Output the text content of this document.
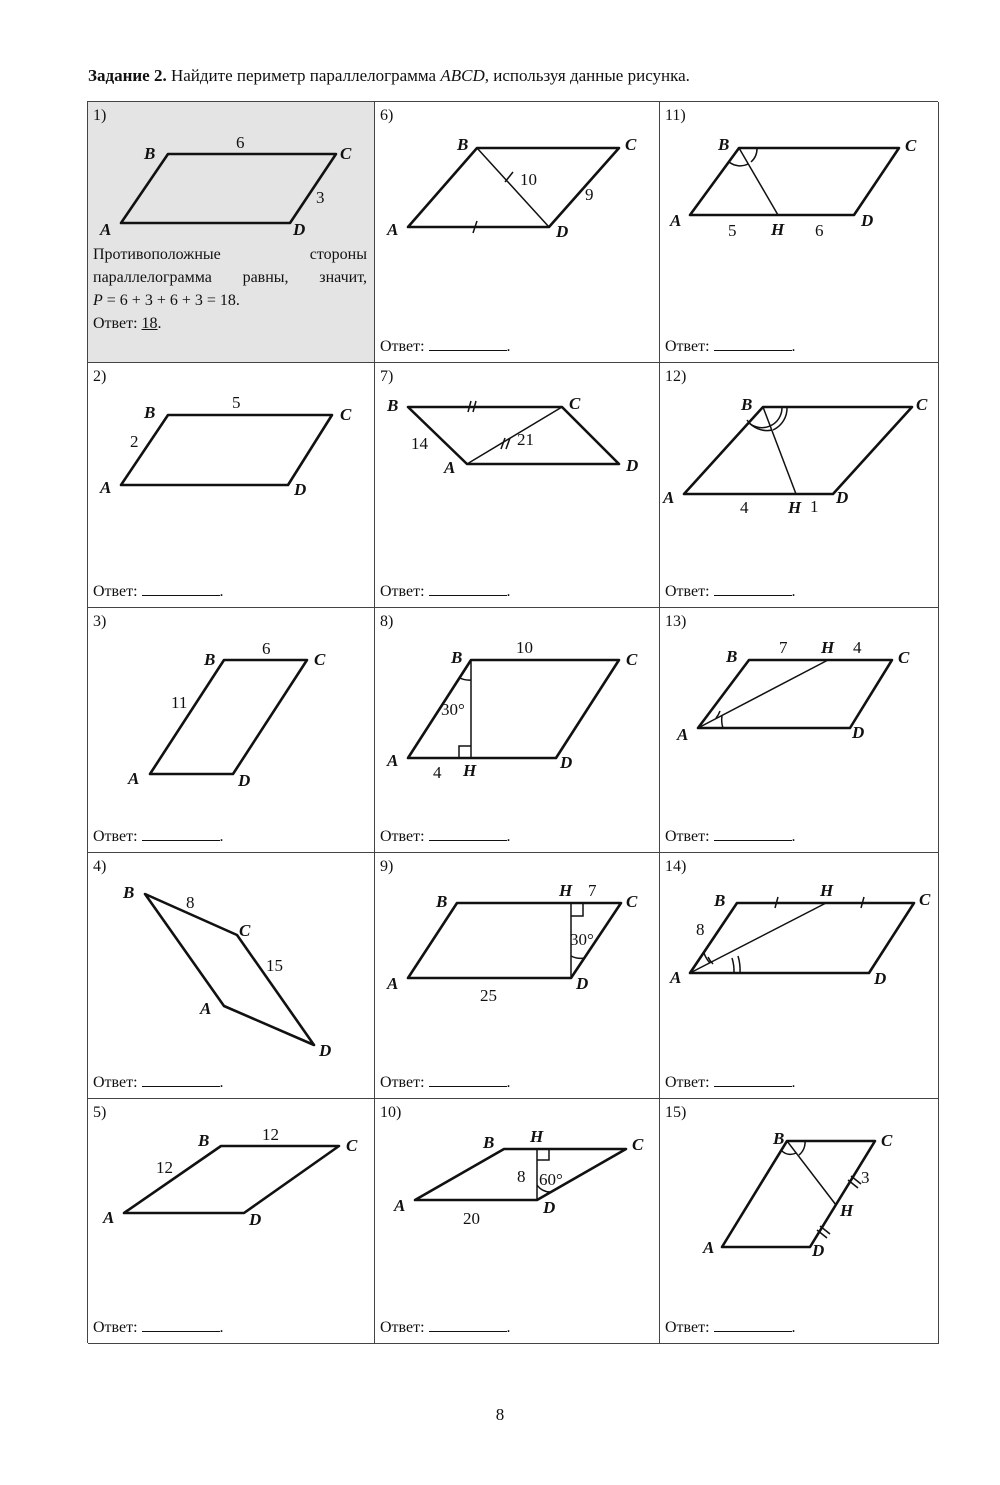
Задание 2. Найдите периметр параллелограмма ABCD, используя данные рисунка.
1)
B	C
A	D
6
3
Противоположные стороны параллелограмма равны, значит,
P = 6 + 3 + 6 + 3 = 18.
Ответ: 18.
6)
B	C
A	D
10
9
Ответ:	.
11)
B	C
A	D
H
5	6
Ответ:	.
2)
B	C
A	D
5
2
Ответ:	.
7)
B	C
A	D
14	21
Ответ:	.
12)
B	C
A	D
H
4	1
Ответ:	.
3)
B	C
A	D
6
11
Ответ:	.
8)
B	C
A	D
H
10
30°
4
Ответ:	.
13)
B	C
A	D
H
7	4
Ответ:	.
4)
B
C
A
D
8
15
Ответ:	.
9)
B	C
A	D
H 7
30°
25
Ответ:	.
14)
B	C
A	D
H
8
Ответ:	.
5)
B	C
A	D
12
12
Ответ:	.
10)
B	C
A	D
H
8 60°
20
Ответ:	.
15)
B	C
A	D
H
3
Ответ:	.
8
